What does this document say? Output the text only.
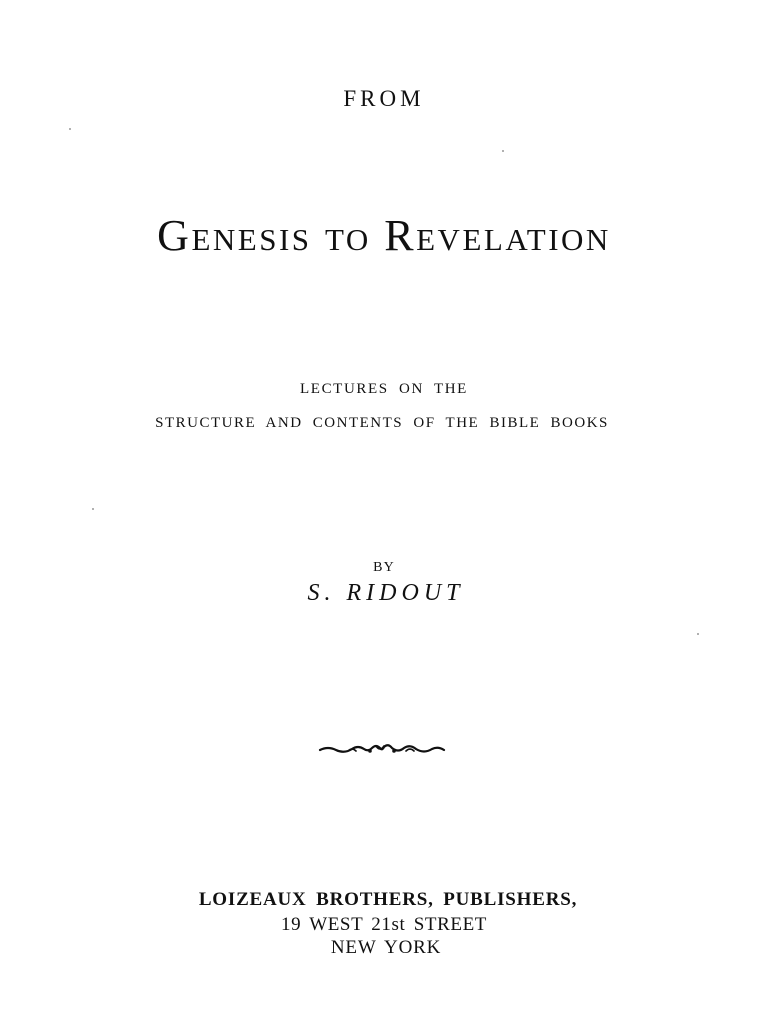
FROM
Genesis to Revelation
LECTURES ON THE
STRUCTURE AND CONTENTS OF THE BIBLE BOOKS
BY
S. RIDOUT
LOIZEAUX BROTHERS, PUBLISHERS,
19 WEST 21st STREET
NEW YORK
